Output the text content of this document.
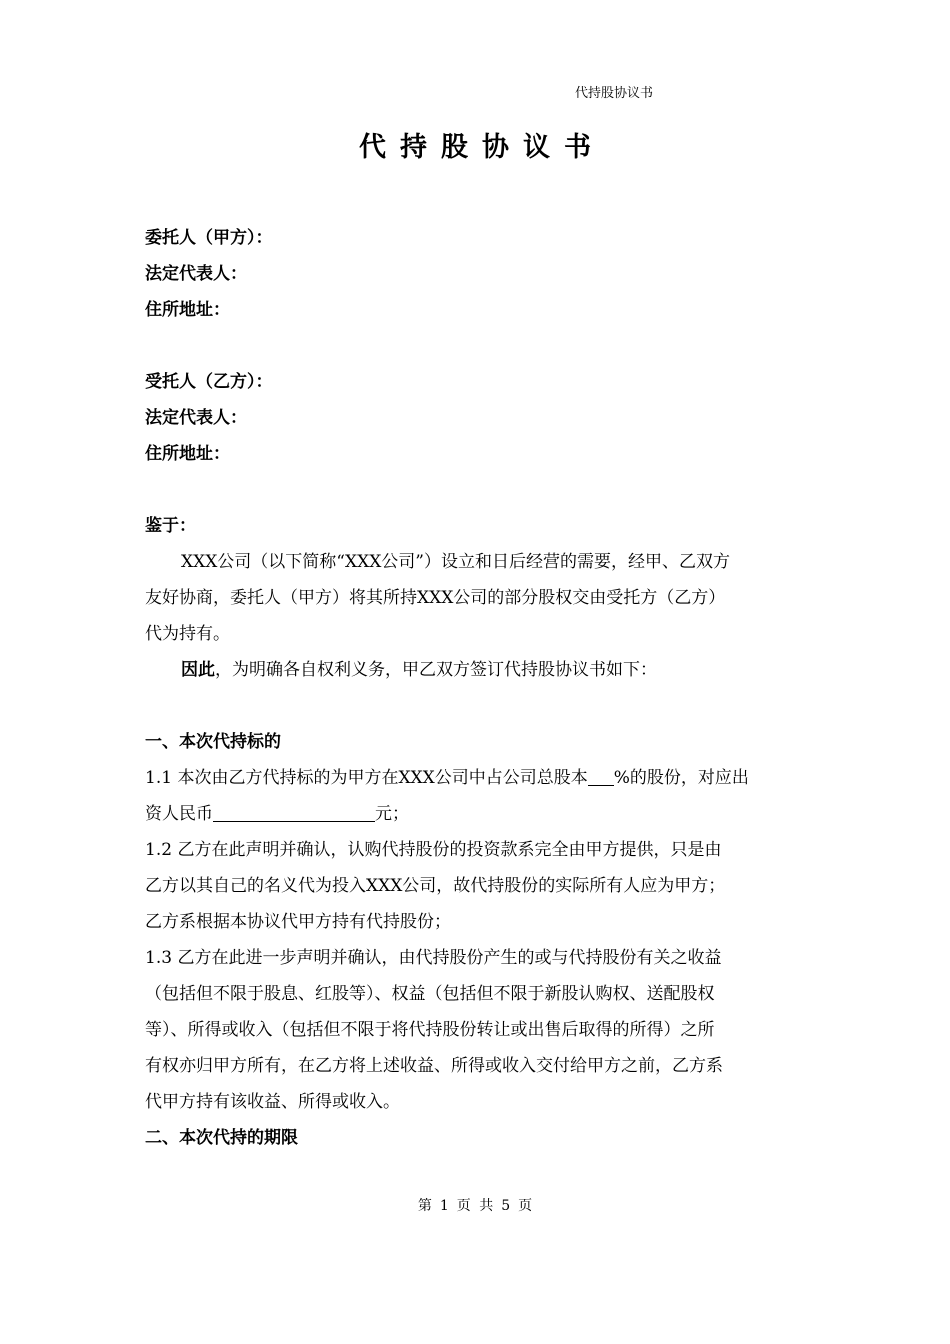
代持股协议书
代持股协议书
委托人（甲方）：
法定代表人：
住所地址：
受托人（乙方）：
法定代表人：
住所地址：
鉴于：
XXX公司（以下简称“XXX公司”）设立和日后经营的需要，经甲、乙双方
友好协商，委托人（甲方）将其所持XXX公司的部分股权交由受托方（乙方）
代为持有。
因此，为明确各自权利义务，甲乙双方签订代持股协议书如下：
一、本次代持标的
1.1 本次由乙方代持标的为甲方在XXX公司中占公司总股本 %的股份，对应出
资人民币	元；
1.2 乙方在此声明并确认，认购代持股份的投资款系完全由甲方提供，只是由
乙方以其自己的名义代为投入XXX公司，故代持股份的实际所有人应为甲方；
乙方系根据本协议代甲方持有代持股份；
1.3 乙方在此进一步声明并确认，由代持股份产生的或与代持股份有关之收益
（包括但不限于股息、红股等）、权益（包括但不限于新股认购权、送配股权
等）、所得或收入（包括但不限于将代持股份转让或出售后取得的所得）之所
有权亦归甲方所有，在乙方将上述收益、所得或收入交付给甲方之前，乙方系
代甲方持有该收益、所得或收入。
二、本次代持的期限
第 1 页 共 5 页
